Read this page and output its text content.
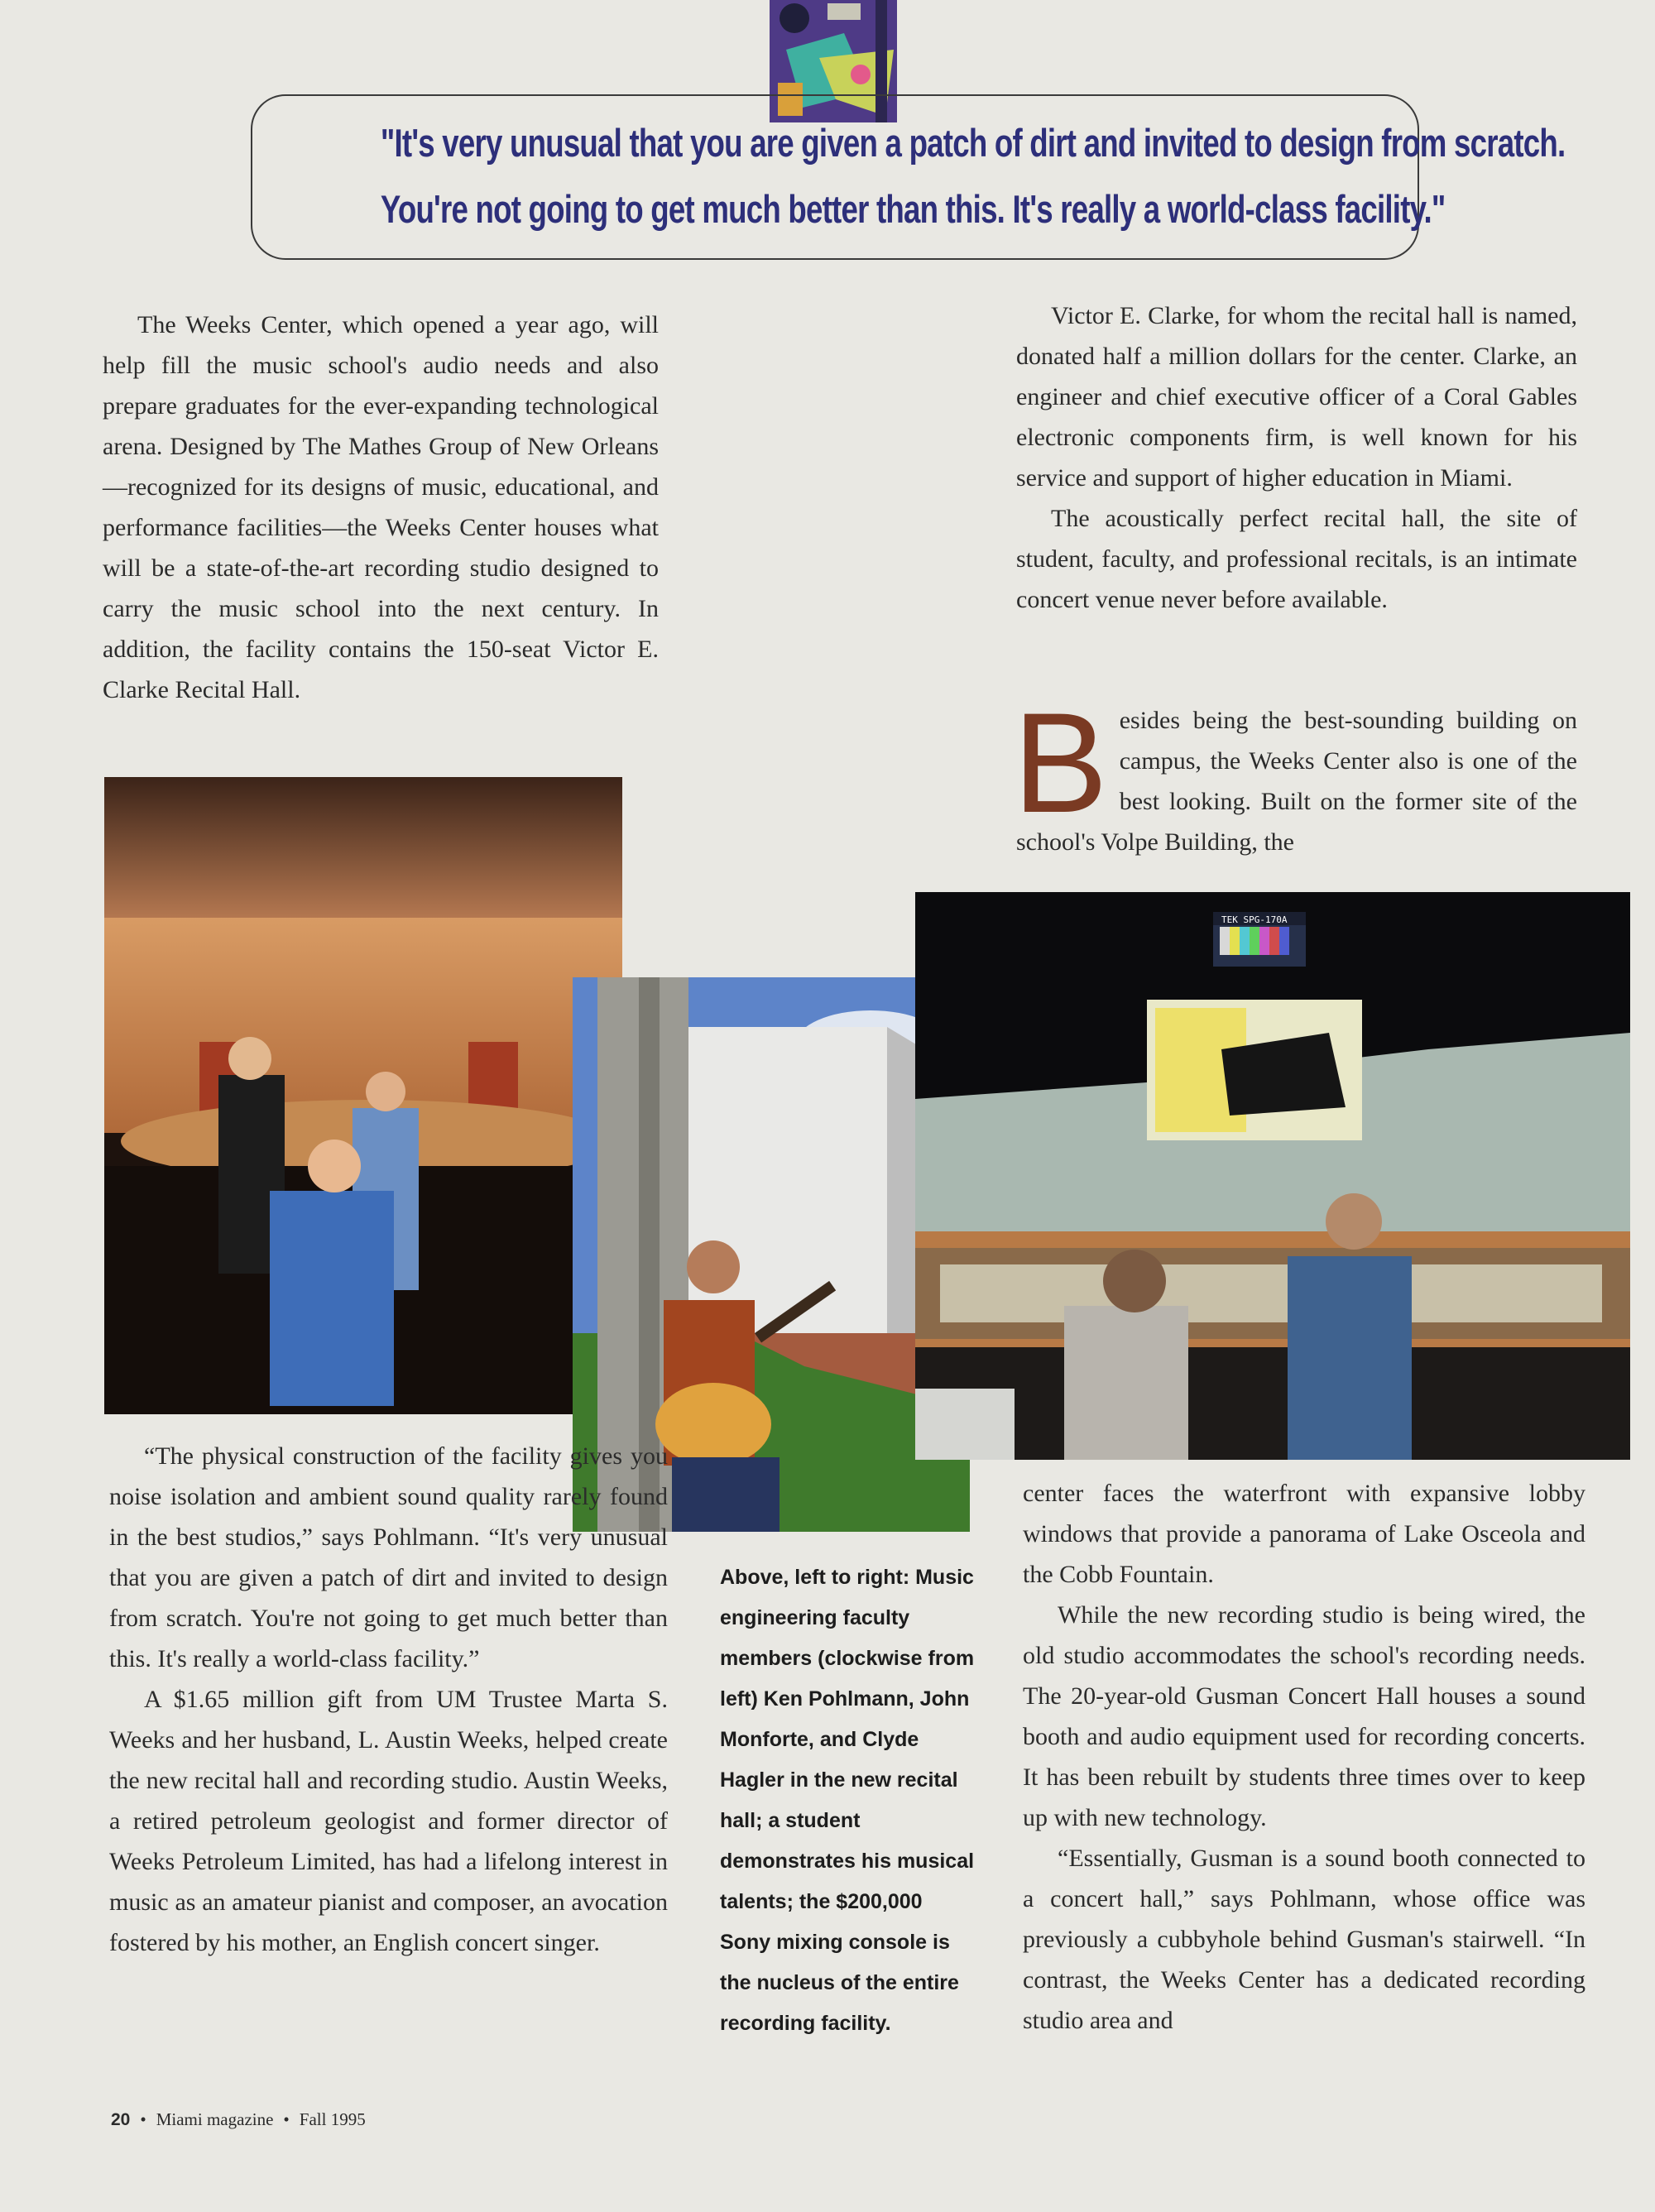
"It's very unusual that you are given a patch of dirt and invited to design from scratch.
You're not going to get much better than this. It's really a world-class facility."

The Weeks Center, which opened a year ago, will help fill the music school's audio needs and also prepare graduates for the ever-expanding technological arena. Designed by The Mathes Group of New Orleans—recognized for its designs of music, educational, and performance facilities—the Weeks Center houses what will be a state-of-the-art recording studio designed to carry the music school into the next century. In addition, the facility contains the 150-seat Victor E. Clarke Recital Hall.

Victor E. Clarke, for whom the recital hall is named, donated half a million dollars for the center. Clarke, an engineer and chief executive officer of a Coral Gables electronic components firm, is well known for his service and support of higher education in Miami.

The acoustically perfect recital hall, the site of student, faculty, and professional recitals, is an intimate concert venue never before available.

Besides being the best-sounding building on campus, the Weeks Center also is one of the best looking. Built on the former site of the school's Volpe Building, the

TEK SPG-170A

“The physical construction of the facility gives you noise isolation and ambient sound quality rarely found in the best studios,” says Pohlmann. “It's very unusual that you are given a patch of dirt and invited to design from scratch. You're not going to get much better than this. It's really a world-class facility.”

A $1.65 million gift from UM Trustee Marta S. Weeks and her husband, L. Austin Weeks, helped create the new recital hall and recording studio. Austin Weeks, a retired petroleum geologist and former director of Weeks Petroleum Limited, has had a lifelong interest in music as an amateur pianist and composer, an avocation fostered by his mother, an English concert singer.

Above, left to right: Music engineering faculty members (clockwise from left) Ken Pohlmann, John Monforte, and Clyde Hagler in the new recital hall; a student demonstrates his musical talents; the $200,000 Sony mixing console is the nucleus of the entire recording facility.

center faces the waterfront with expansive lobby windows that provide a panorama of Lake Osceola and the Cobb Fountain.

While the new recording studio is being wired, the old studio accommodates the school's recording needs. The 20-year-old Gusman Concert Hall houses a sound booth and audio equipment used for recording concerts. It has been rebuilt by students three times over to keep up with new technology.

“Essentially, Gusman is a sound booth connected to a concert hall,” says Pohlmann, whose office was previously a cubbyhole behind Gusman's stairwell. “In contrast, the Weeks Center has a dedicated recording studio area and

20 • Miami magazine • Fall 1995
